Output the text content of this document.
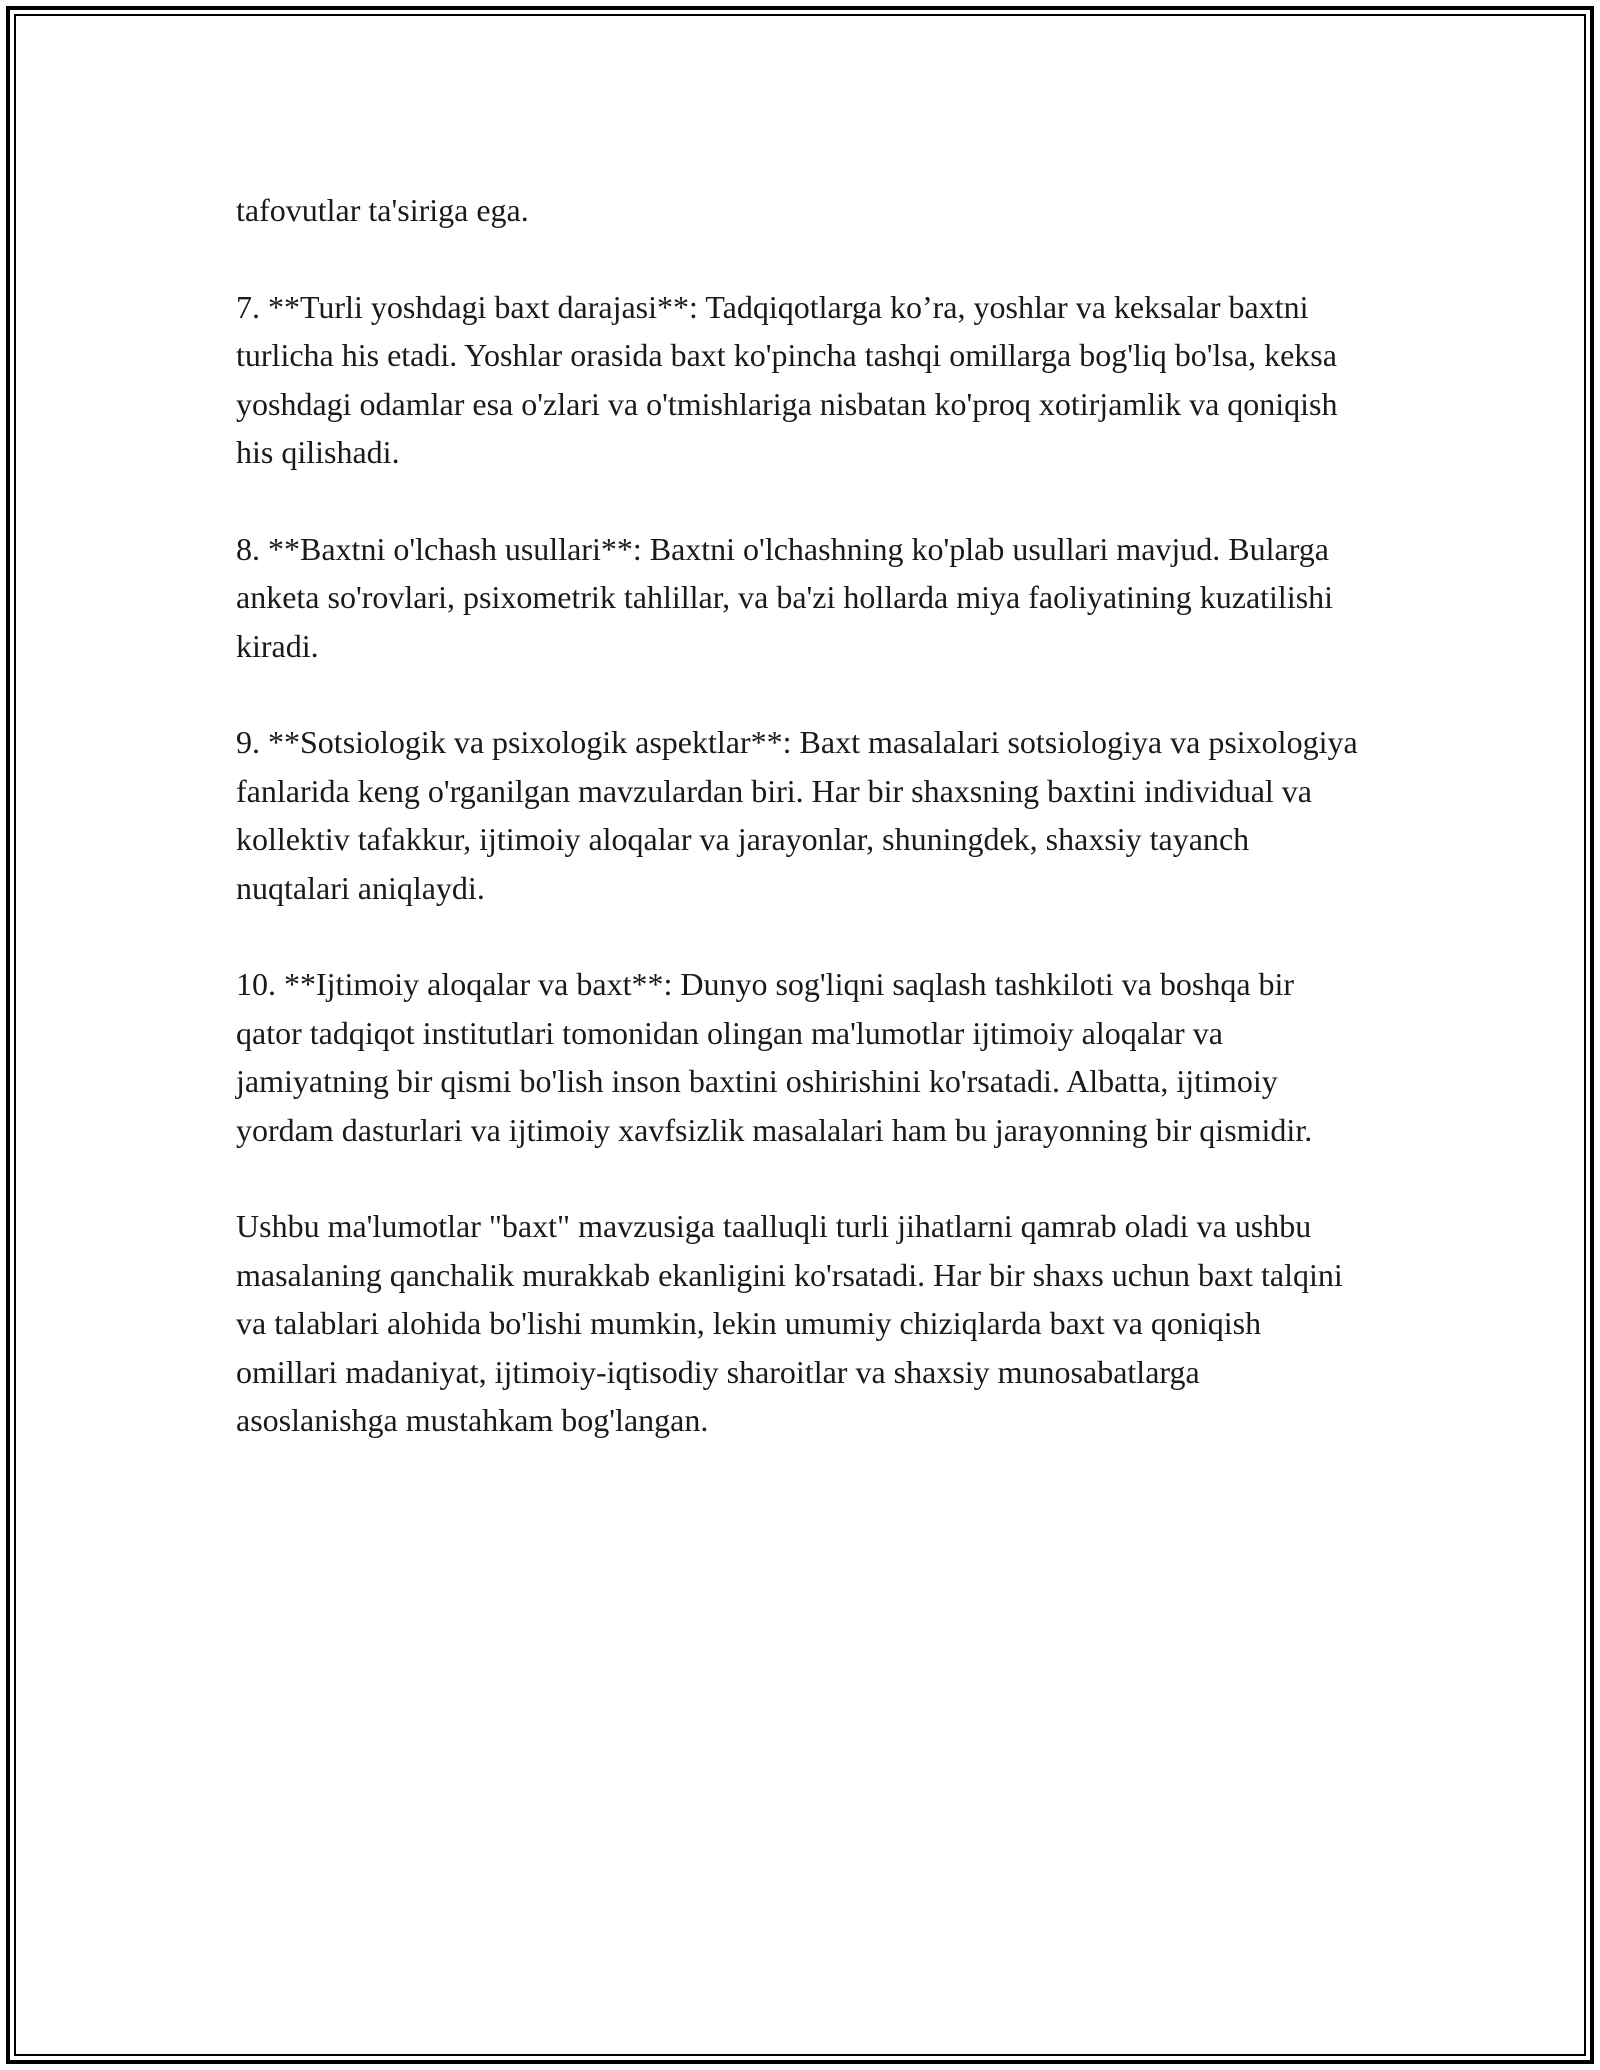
tafovutlar ta'siriga ega.

7. **Turli yoshdagi baxt darajasi**: Tadqiqotlarga ko’ra, yoshlar va keksalar baxtni turlicha his etadi. Yoshlar orasida baxt ko'pincha tashqi omillarga bog'liq bo'lsa, keksa yoshdagi odamlar esa o'zlari va o'tmishlariga nisbatan ko'proq xotirjamlik va qoniqish his qilishadi.

8. **Baxtni o'lchash usullari**: Baxtni o'lchashning ko'plab usullari mavjud. Bularga anketa so'rovlari, psixometrik tahlillar, va ba'zi hollarda miya faoliyatining kuzatilishi kiradi.

9. **Sotsiologik va psixologik aspektlar**: Baxt masalalari sotsiologiya va psixologiya fanlarida keng o'rganilgan mavzulardan biri. Har bir shaxsning baxtini individual va kollektiv tafakkur, ijtimoiy aloqalar va jarayonlar, shuningdek, shaxsiy tayanch nuqtalari aniqlaydi.

10. **Ijtimoiy aloqalar va baxt**: Dunyo sog'liqni saqlash tashkiloti va boshqa bir qator tadqiqot institutlari tomonidan olingan ma'lumotlar ijtimoiy aloqalar va jamiyatning bir qismi bo'lish inson baxtini oshirishini ko'rsatadi. Albatta, ijtimoiy yordam dasturlari va ijtimoiy xavfsizlik masalalari ham bu jarayonning bir qismidir.

Ushbu ma'lumotlar "baxt" mavzusiga taalluqli turli jihatlarni qamrab oladi va ushbu masalaning qanchalik murakkab ekanligini ko'rsatadi. Har bir shaxs uchun baxt talqini va talablari alohida bo'lishi mumkin, lekin umumiy chiziqlarda baxt va qoniqish omillari madaniyat, ijtimoiy-iqtisodiy sharoitlar va shaxsiy munosabatlarga asoslanishga mustahkam bog'langan.
